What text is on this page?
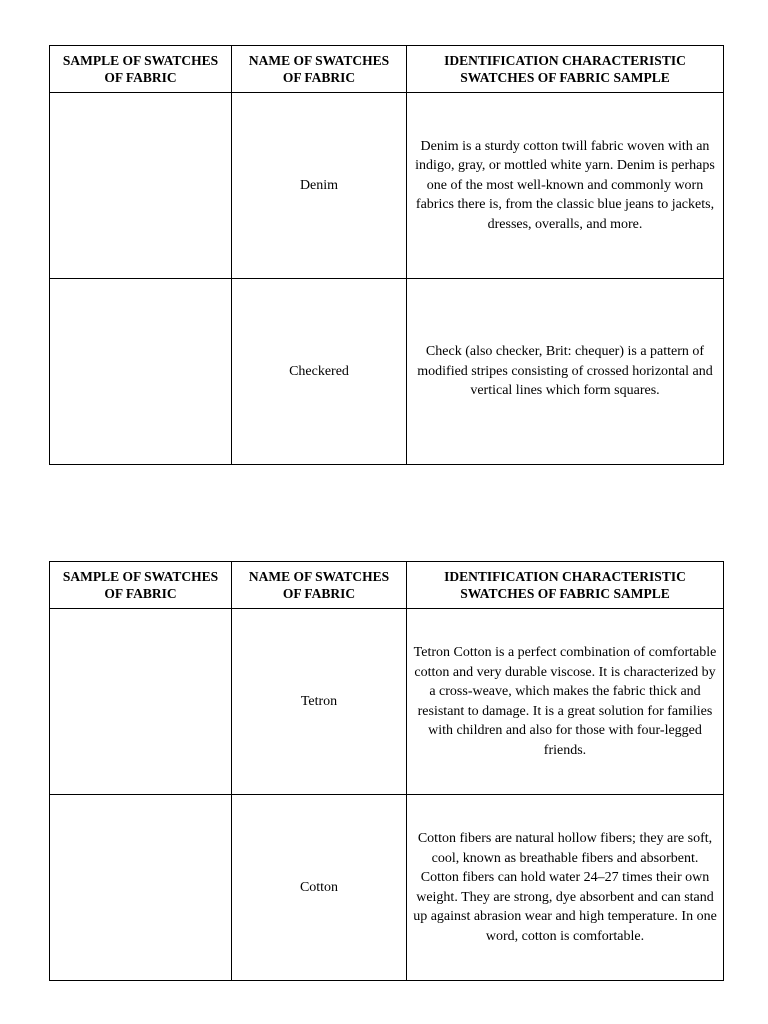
SAMPLE OF SWATCHES OF FABRIC	NAME OF SWATCHES OF FABRIC	IDENTIFICATION CHARACTERISTIC SWATCHES OF FABRIC SAMPLE
	Denim	Denim is a sturdy cotton twill fabric woven with an indigo, gray, or mottled white yarn. Denim is perhaps one of the most well-known and commonly worn fabrics there is, from the classic blue jeans to jackets, dresses, overalls, and more.
	Checkered	Check (also checker, Brit: chequer) is a pattern of modified stripes consisting of crossed horizontal and vertical lines which form squares.
SAMPLE OF SWATCHES OF FABRIC	NAME OF SWATCHES OF FABRIC	IDENTIFICATION CHARACTERISTIC SWATCHES OF FABRIC SAMPLE
	Tetron	Tetron Cotton is a perfect combination of comfortable cotton and very durable viscose. It is characterized by a cross-weave, which makes the fabric thick and resistant to damage. It is a great solution for families with children and also for those with four-legged friends.
	Cotton	Cotton fibers are natural hollow fibers; they are soft, cool, known as breathable fibers and absorbent. Cotton fibers can hold water 24–27 times their own weight. They are strong, dye absorbent and can stand up against abrasion wear and high temperature. In one word, cotton is comfortable.
